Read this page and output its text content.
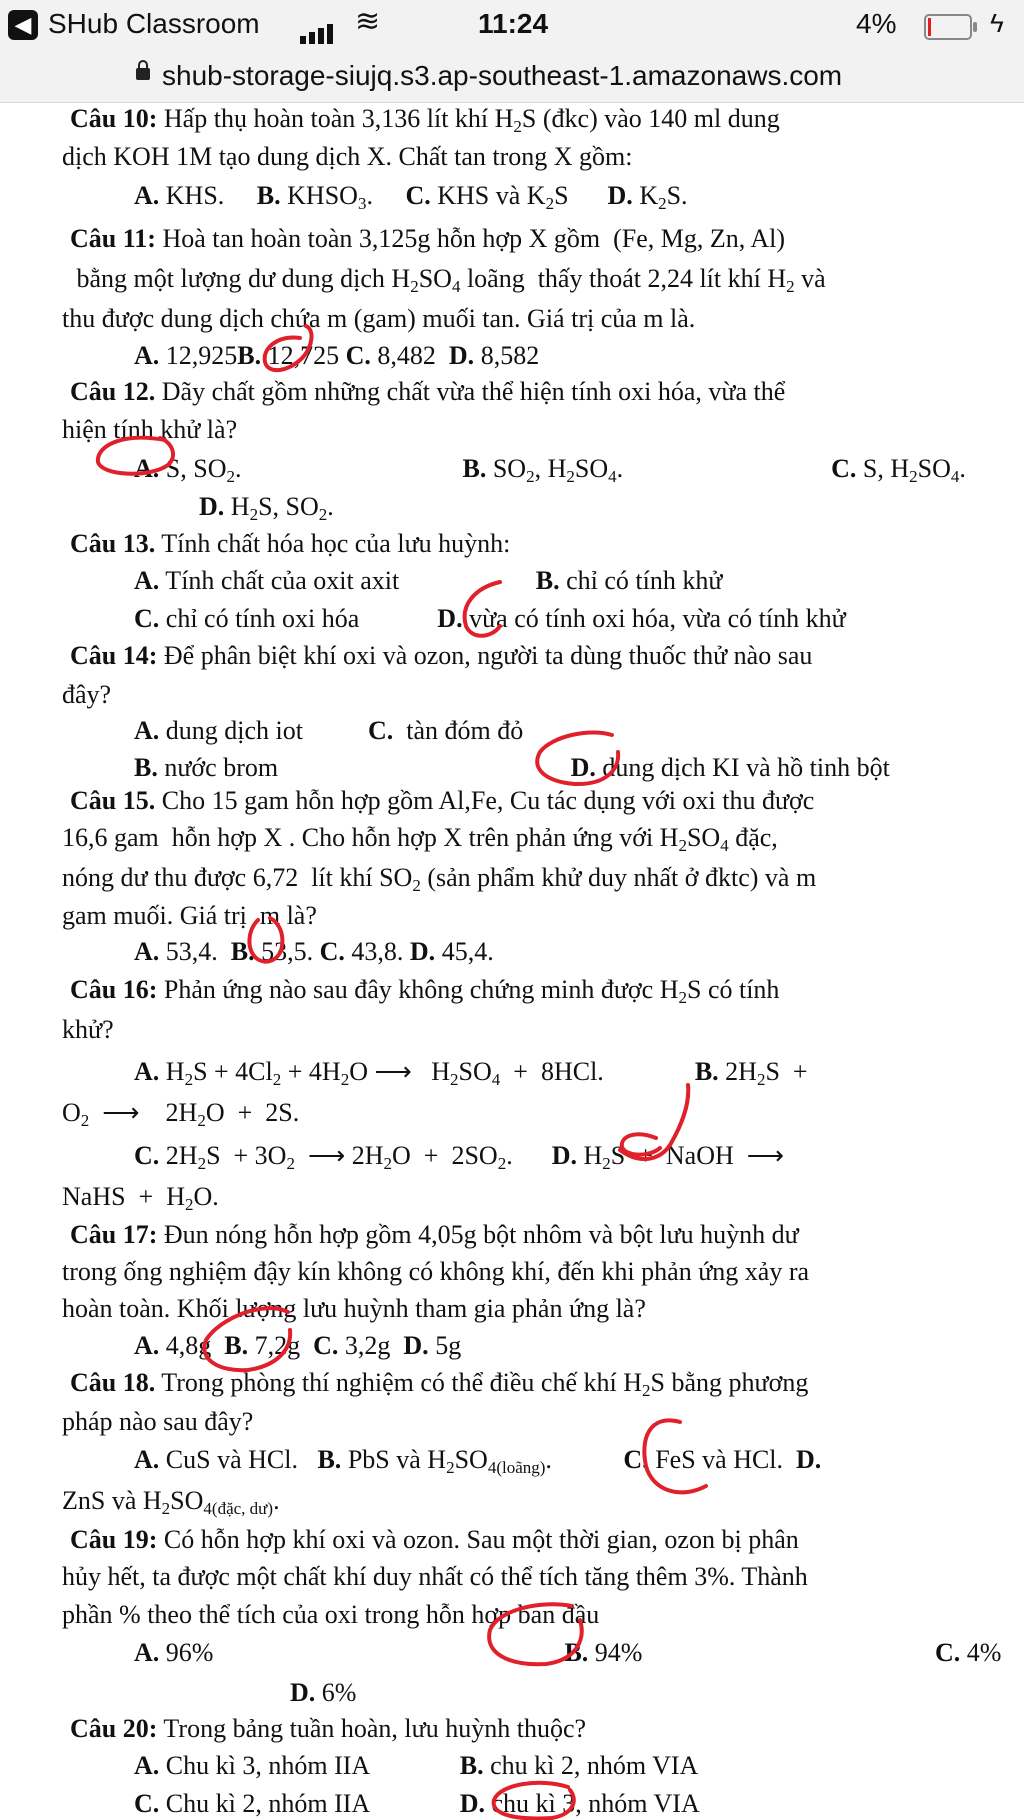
◀ SHub Classroom	≋	11:24	4%	ϟ
shub-storage-siujq.s3.ap-southeast-1.amazonaws.com
Câu 10: Hấp thụ hoàn toàn 3,136 lít khí $H_2S$ (đkc) vào 140 ml dung
dịch KOH 1M tạo dung dịch X. Chất tan trong X gồm:
A. KHS.     B. $KHSO_3$.     C. KHS và $K_2S$      D. $K_2S$.
Câu 11: Hoà tan hoàn toàn 3,125g hỗn hợp X gồm  (Fe, Mg, Zn, Al)
bằng một lượng dư dung dịch $H_2SO_4$ loãng  thấy thoát 2,24 lít khí $H_2$ và
thu được dung dịch chứa m (gam) muối tan. Giá trị của m là.
A. 12,925B. 12,725 C. 8,482  D. 8,582
Câu 12. Dãy chất gồm những chất vừa thể hiện tính oxi hóa, vừa thể
hiện tính khử là?
A. S, $SO_2$.                                  B. $SO_2$, $H_2SO_4$.                                C. S, $H_2SO_4$.
D. $H_2S$, $SO_2$.
Câu 13. Tính chất hóa học của lưu huỳnh:
A. Tính chất của oxit axit                     B. chỉ có tính khử
C. chỉ có tính oxi hóa            D. vừa có tính oxi hóa, vừa có tính khử
Câu 14: Để phân biệt khí oxi và ozon, người ta dùng thuốc thử nào sau
đây?
A. dung dịch iot          C.  tàn đóm đỏ
B. nước brom                                             D. dung dịch KI và hồ tinh bột
Câu 15. Cho 15 gam hỗn hợp gồm Al,Fe, Cu tác dụng với oxi thu được
16,6 gam  hỗn hợp X . Cho hỗn hợp X trên phản ứng với $H_2SO_4$ đặc,
nóng dư thu được 6,72  lít khí $SO_2$ (sản phẩm khử duy nhất ở đktc) và m
gam muối. Giá trị  m là?
A. 53,4.  B. 53,5. C. 43,8. D. 45,4.
Câu 16: Phản ứng nào sau đây không chứng minh được $H_2S$ có tính
khử?
A. $H_2S + 4Cl_2 + 4H_2O$ ⟶   $H_2SO_4 + 8HCl$.              B. $2H_2S$  +
$O_2$  ⟶    $2H_2O + 2S$.
C. $2H_2S + 3O_2$  ⟶ $2H_2O + 2SO_2$.      D. $H_2S$  +  NaOH  ⟶
NaHS  +  $H_2O$.
Câu 17: Đun nóng hỗn hợp gồm 4,05g bột nhôm và bột lưu huỳnh dư
trong ống nghiệm đậy kín không có không khí, đến khi phản ứng xảy ra
hoàn toàn. Khối lượng lưu huỳnh tham gia phản ứng là?
A. 4,8g  B. 7,2g  C. 3,2g  D. 5g
Câu 18. Trong phòng thí nghiệm có thể điều chế khí $H_2S$ bằng phương
pháp nào sau đây?
A. CuS và HCl.   B. PbS và $H_2SO_{4(loãng)}$.           C. FeS và HCl.  D.
ZnS và $H_2SO_{4(đặc, dư)}$.
Câu 19: Có hỗn hợp khí oxi và ozon. Sau một thời gian, ozon bị phân
hủy hết, ta được một chất khí duy nhất có thể tích tăng thêm 3%. Thành
phần % theo thể tích của oxi trong hỗn hợp ban đầu
A. 96%                                                      B. 94%                                             C. 4%
D. 6%
Câu 20: Trong bảng tuần hoàn, lưu huỳnh thuộc?
A. Chu kì 3, nhóm IIA              B. chu kì 2, nhóm VIA
C. Chu kì 2, nhóm IIA              D. chu kì 3, nhóm VIA
